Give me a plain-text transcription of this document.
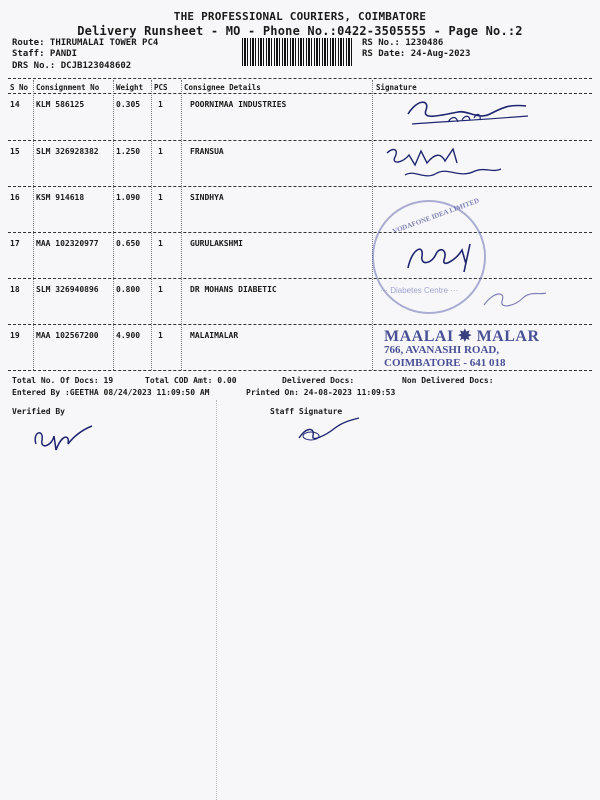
THE PROFESSIONAL COURIERS, COIMBATORE
Delivery Runsheet - MO - Phone No.:0422-3505555 - Page No.:2
Route: THIRUMALAI TOWER PC4
Staff: PANDI
DRS No.: DCJB123048602
RS No.: 1230486
RS Date: 24-Aug-2023
S No Consignment No Weight PCS Consignee Details	Signature
14 KLM 586125	0.305 1	POORNIMAA INDUSTRIES
15 SLM 326928382 1.250 1	FRANSUA
16 KSM 914618	1.090 1	SINDHYA
17 MAA 102320977 0.650 1	GURULAKSHMI
18 SLM 326940896 0.800 1	DR MOHANS DIABETIC
19 MAA 102567200 4.900 1	MALAIMALAR
VODAFONE IDEA LIMITED
··· Diabetes Centre ···
MAALAI ✸ MALAR
766, AVANASHI ROAD,
COIMBATORE - 641 018
Total No. Of Docs: 19	Total COD Amt: 0.00	Delivered Docs:	Non Delivered Docs:
Entered By :GEETHA 08/24/2023 11:09:50 AM	Printed On: 24-08-2023 11:09:53
Verified By	Staff Signature
